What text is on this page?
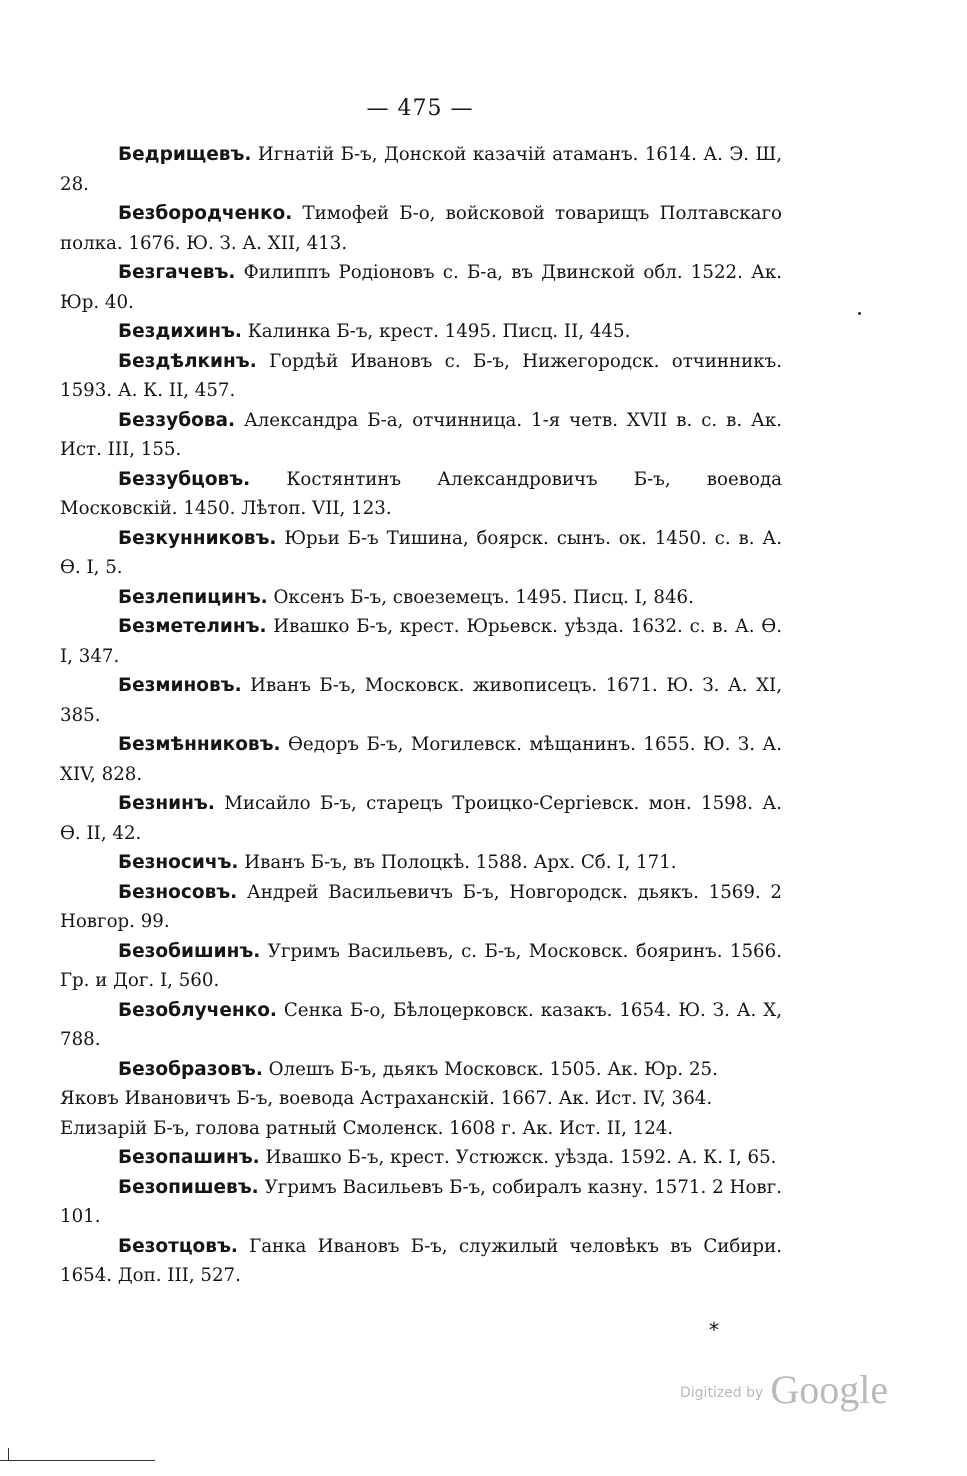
— 475 —

Бедрищевъ. Игнатій Б-ъ, Донской казачій атаманъ. 1614. А. Э. Ш, 28.

Безбородченко. Тимофей Б-о, войсковой товарищъ Полтавскаго полка. 1676. Ю. З. А. XII, 413.

Безгачевъ. Филиппъ Родіоновъ с. Б-а, въ Двинской обл. 1522. Ак. Юр. 40.

Бездихинъ. Калинка Б-ъ, крест. 1495. Писц. II, 445.

Бездѣлкинъ. Гордѣй Ивановъ с. Б-ъ, Нижегородск. отчинникъ. 1593. А. К. II, 457.

Беззубова. Александра Б-а, отчинница. 1-я четв. XVII в. с. в. Ак. Ист. III, 155.

Беззубцовъ. Костянтинъ Александровичъ Б-ъ, воевода Московскій. 1450. Лѣтоп. VII, 123.

Безкунниковъ. Юрьи Б-ъ Тишина, боярск. сынъ. ок. 1450. с. в. А. Ѳ. I, 5.

Безлепицинъ. Оксенъ Б-ъ, своеземецъ. 1495. Писц. I, 846.

Безметелинъ. Ивашко Б-ъ, крест. Юрьевск. уѣзда. 1632. с. в. А. Ѳ. I, 347.

Безминовъ. Иванъ Б-ъ, Московск. живописецъ. 1671. Ю. З. А. XI, 385.

Безмѣнниковъ. Ѳедоръ Б-ъ, Могилевск. мѣщанинъ. 1655. Ю. З. А. XIV, 828.

Безнинъ. Мисайло Б-ъ, старецъ Троицко-Сергіевск. мон. 1598. А. Ѳ. II, 42.

Безносичъ. Иванъ Б-ъ, въ Полоцкѣ. 1588. Арх. Сб. I, 171.

Безносовъ. Андрей Васильевичъ Б-ъ, Новгородск. дьякъ. 1569. 2 Новгор. 99.

Безобишинъ. Угримъ Васильевъ, с. Б-ъ, Московск. бояринъ. 1566. Гр. и Дог. I, 560.

Безоблученко. Сенка Б-о, Бѣлоцерковск. казакъ. 1654. Ю. З. А. X, 788.

Безобразовъ. Олешъ Б-ъ, дьякъ Московск. 1505. Ак. Юр. 25.
Яковъ Ивановичъ Б-ъ, воевода Астраханскій. 1667. Ак. Ист. IV, 364.
Елизарій Б-ъ, голова ратный Смоленск. 1608 г. Ак. Ист. II, 124.

Безопашинъ. Ивашко Б-ъ, крест. Устюжск. уѣзда. 1592. А. К. I, 65.

Безопишевъ. Угримъ Васильевъ Б-ъ, собиралъ казну. 1571. 2 Новг. 101.

Безотцовъ. Ганка Ивановъ Б-ъ, служилый человѣкъ въ Сибири. 1654. Доп. III, 527.

*
Digitized by Google
